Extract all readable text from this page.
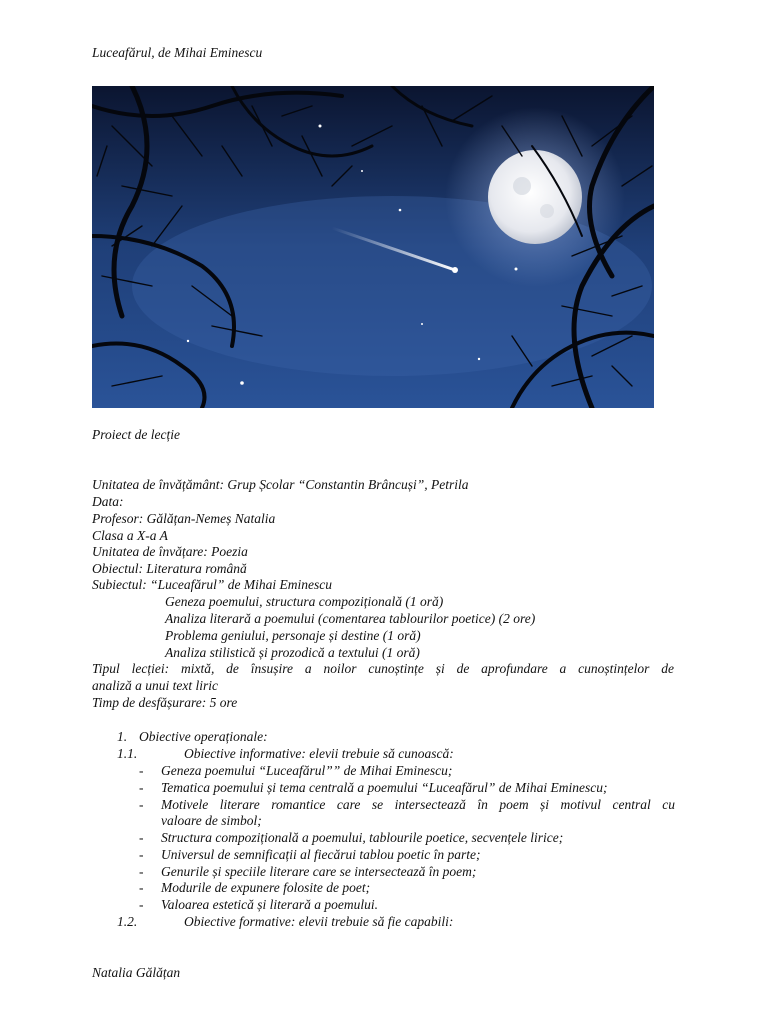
Luceafărul, de Mihai Eminescu
Proiect de lecție
Unitatea de învățământ: Grup Școlar “Constantin Brâncuși”, Petrila
Data:
Profesor: Gălățan-Nemeș Natalia
Clasa a X-a A
Unitatea de învățare: Poezia
Obiectul: Literatura română
Subiectul: “Luceafărul” de Mihai Eminescu
Geneza poemului, structura compozițională (1 oră)
Analiza literară a poemului (comentarea tablourilor poetice) (2 ore)
Problema geniului, personaje și destine (1 oră)
Analiza stilistică și prozodică a textului (1 oră)
Tipul lecției: mixtă, de însușire a noilor cunoștințe și de aprofundare a cunoștințelor de
analiză a unui text liric
Timp de desfășurare: 5 ore
1. Obiective operaționale:
1.1.	Obiective informative: elevii trebuie să cunoască:
- Geneza poemului “Luceafărul”” de Mihai Eminescu;
- Tematica poemului și tema centrală a poemului “Luceafărul” de Mihai Eminescu;
- Motivele literare romantice care se intersectează în poem și motivul central cu
valoare de simbol;
- Structura compozițională a poemului, tablourile poetice, secvențele lirice;
- Universul de semnificații al fiecărui tablou poetic în parte;
- Genurile și speciile literare care se intersectează în poem;
- Modurile de expunere folosite de poet;
- Valoarea estetică și literară a poemului.
1.2.	Obiective formative: elevii trebuie să fie capabili:
Natalia Gălățan
